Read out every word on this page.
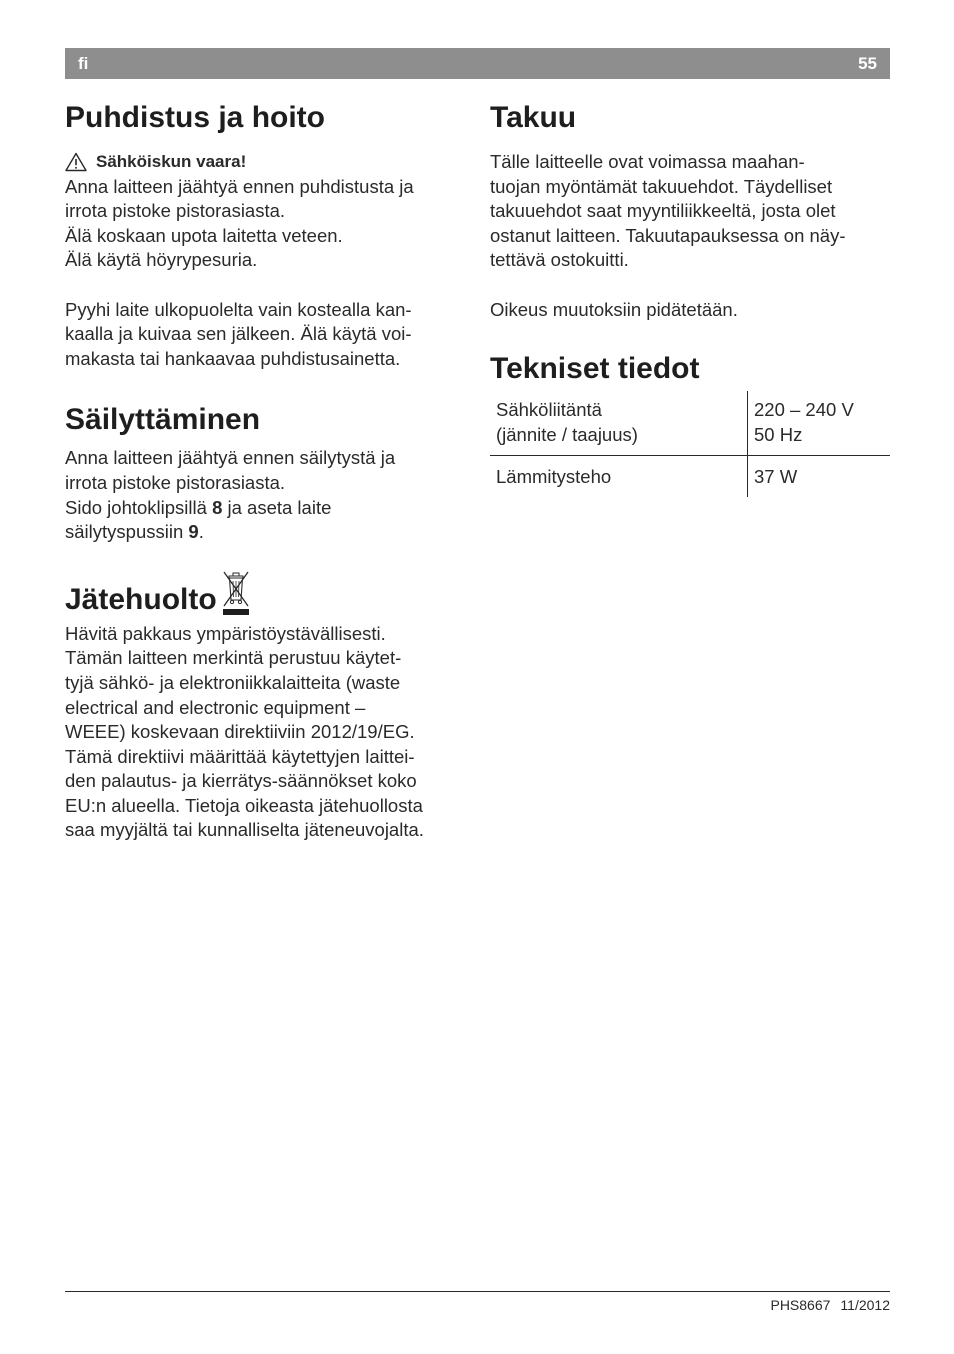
fi	55
Puhdistus ja hoito
Sähköiskun vaara!

Anna laitteen jäähtyä ennen puhdistusta ja
irrota pistoke pistorasiasta.
Älä koskaan upota laitetta veteen.
Älä käytä höyrypesuria.

Pyyhi laite ulkopuolelta vain kostealla kan-
kaalla ja kuivaa sen jälkeen. Älä käytä voi-
makasta tai hankaavaa puhdistusainetta.

Säilyttäminen

Anna laitteen jäähtyä ennen säilytystä ja
irrota pistoke pistorasiasta.
Sido johtoklipsillä 8 ja aseta laite
säilytyspussiin 9.

Jätehuolto

Hävitä pakkaus ympäristöystävällisesti.
Tämän laitteen merkintä perustuu käytet-
tyjä sähkö- ja elektroniikkalaitteita (waste
electrical and electronic equipment –
WEEE) koskevaan direktiiviin 2012/19/EG.
Tämä direktiivi määrittää käytettyjen laittei-
den palautus- ja kierrätys-säännökset koko
EU:n alueella. Tietoja oikeasta jätehuollosta
saa myyjältä tai kunnalliselta jäteneuvojalta.

Takuu

Tälle laitteelle ovat voimassa maahan-
tuojan myöntämät takuuehdot. Täydelliset
takuuehdot saat myyntiliikkeeltä, josta olet
ostanut laitteen. Takuutapauksessa on näy-
tettävä ostokuitti.

Oikeus muutoksiin pidätetään.

Tekniset tiedot
Sähköliitäntä
(jännite / taajuus)	220 – 240 V
50 Hz

Lämmitysteho	37 W
PHS8667 11/2012
